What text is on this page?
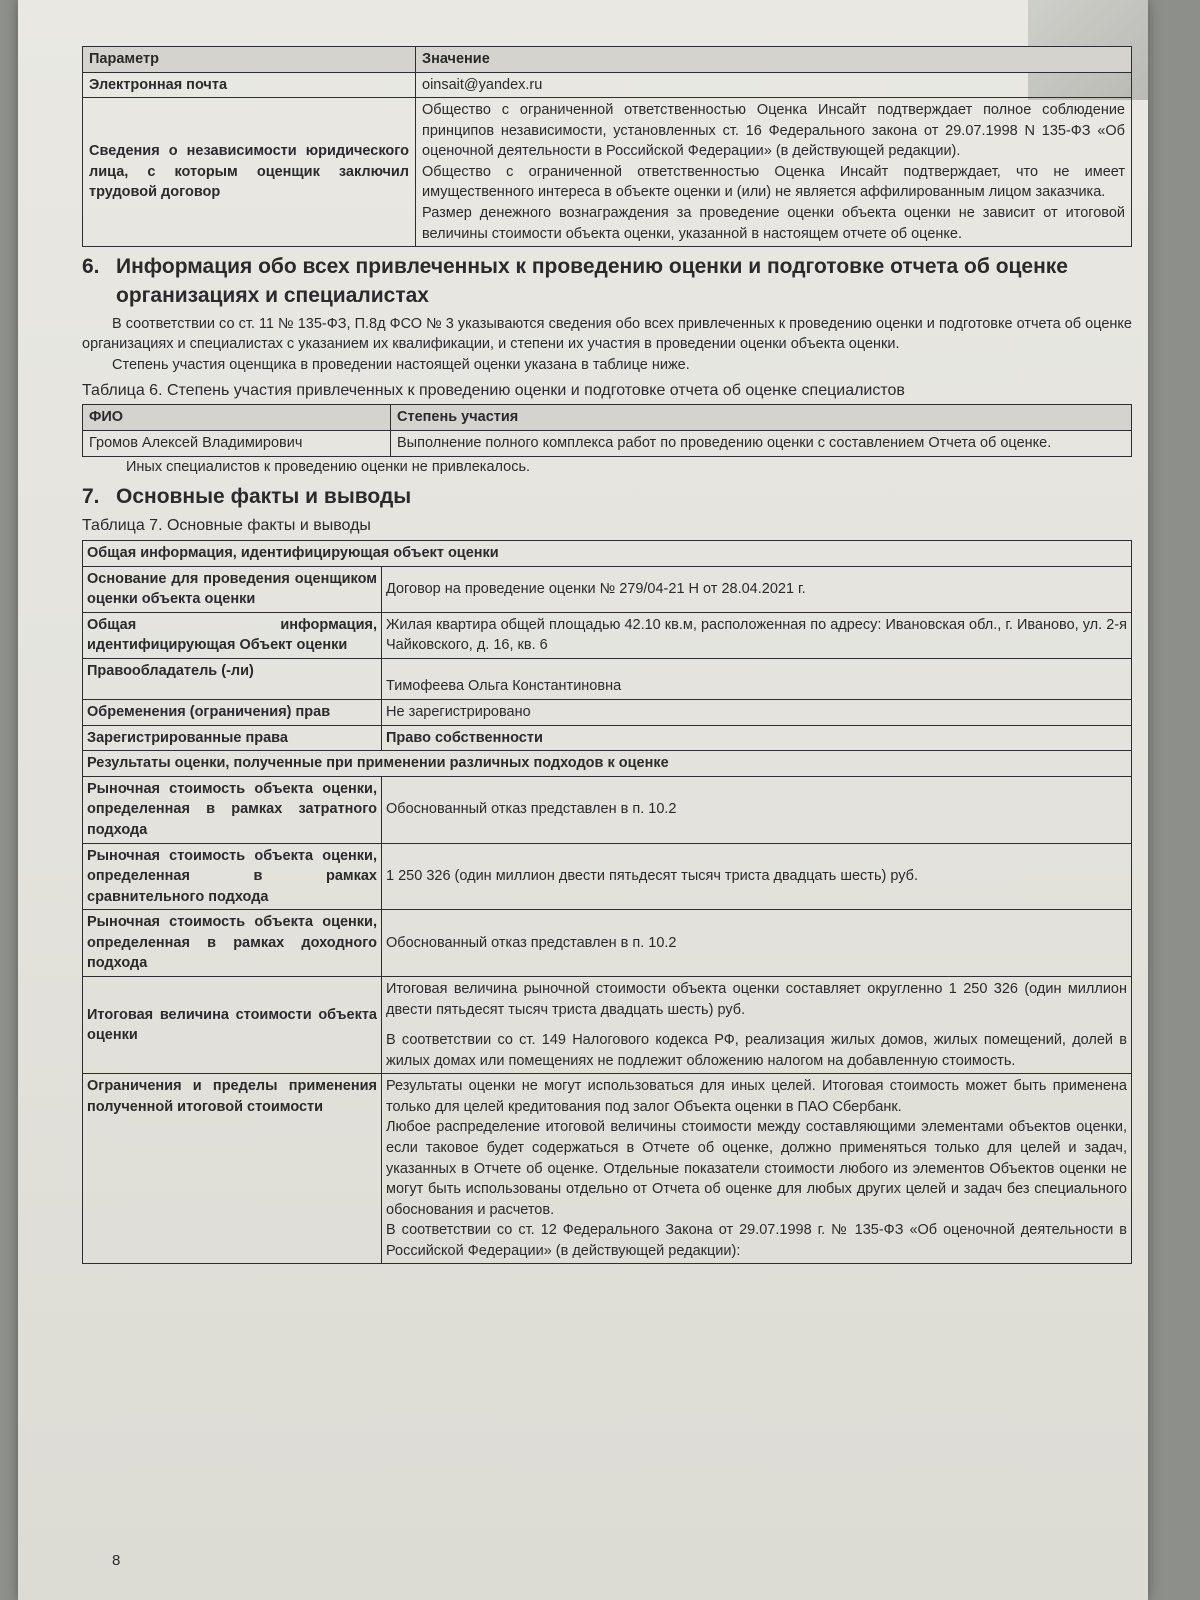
Параметр	Значение
Электронная почта	oinsait@yandex.ru
Сведения о независимости юридического лица, с которым оценщик заключил трудовой договор	Общество с ограниченной ответственностью Оценка Инсайт подтверждает полное соблюдение принципов независимости, установленных ст. 16 Федерального закона от 29.07.1998 N 135-ФЗ «Об оценочной деятельности в Российской Федерации» (в действующей редакции).

Общество с ограниченной ответственностью Оценка Инсайт подтверждает, что не имеет имущественного интереса в объекте оценки и (или) не является аффилированным лицом заказчика.

Размер денежного вознаграждения за проведение оценки объекта оценки не зависит от итоговой величины стоимости объекта оценки, указанной в настоящем отчете об оценке.

6. Информация обо всех привлеченных к проведению оценки и подготовке отчета об оценке организациях и специалистах

В соответствии со ст. 11 № 135-ФЗ, П.8д ФСО № 3 указываются сведения обо всех привлеченных к проведению оценки и подготовке отчета об оценке организациях и специалистах с указанием их квалификации, и степени их участия в проведении оценки объекта оценки.

Степень участия оценщика в проведении настоящей оценки указана в таблице ниже.

Таблица 6. Степень участия привлеченных к проведению оценки и подготовке отчета об оценке специалистов

ФИО	Степень участия
Громов Алексей Владимирович	Выполнение полного комплекса работ по проведению оценки с составлением Отчета об оценке.

Иных специалистов к проведению оценки не привлекалось.

7. Основные факты и выводы

Таблица 7. Основные факты и выводы

Общая информация, идентифицирующая объект оценки	
Основание для проведения оценщиком оценки объекта оценки	Договор на проведение оценки № 279/04-21 Н от 28.04.2021 г.
Общая информация, идентифицирующая Объект оценки	Жилая квартира общей площадью 42.10 кв.м, расположенная по адресу: Ивановская обл., г. Иваново, ул. 2-я Чайковского, д. 16, кв. 6
Правообладатель (-ли)	Тимофеева Ольга Константиновна
Обременения (ограничения) прав	Не зарегистрировано
Зарегистрированные права	Право собственности
Результаты оценки, полученные при применении различных подходов к оценке	
Рыночная стоимость объекта оценки, определенная в рамках затратного подхода	Обоснованный отказ представлен в п. 10.2
Рыночная стоимость объекта оценки, определенная в рамках сравнительного подхода	1 250 326 (один миллион двести пятьдесят тысяч триста двадцать шесть) руб.
Рыночная стоимость объекта оценки, определенная в рамках доходного подхода	Обоснованный отказ представлен в п. 10.2
Итоговая величина стоимости объекта оценки	Итоговая величина рыночной стоимости объекта оценки составляет округленно 1 250 326 (один миллион двести пятьдесят тысяч триста двадцать шесть) руб.

В соответствии со ст. 149 Налогового кодекса РФ, реализация жилых домов, жилых помещений, долей в жилых домах или помещениях не подлежит обложению налогом на добавленную стоимость.

Ограничения и пределы применения полученной итоговой стоимости	Результаты оценки не могут использоваться для иных целей. Итоговая стоимость может быть применена только для целей кредитования под залог Объекта оценки в ПАО Сбербанк.

Любое распределение итоговой величины стоимости между составляющими элементами объектов оценки, если таковое будет содержаться в Отчете об оценке, должно применяться только для целей и задач, указанных в Отчете об оценке. Отдельные показатели стоимости любого из элементов Объектов оценки не могут быть использованы отдельно от Отчета об оценке для любых других целей и задач без специального обоснования и расчетов.

В соответствии со ст. 12 Федерального Закона от 29.07.1998 г. № 135-ФЗ «Об оценочной деятельности в Российской Федерации» (в действующей редакции):

8
